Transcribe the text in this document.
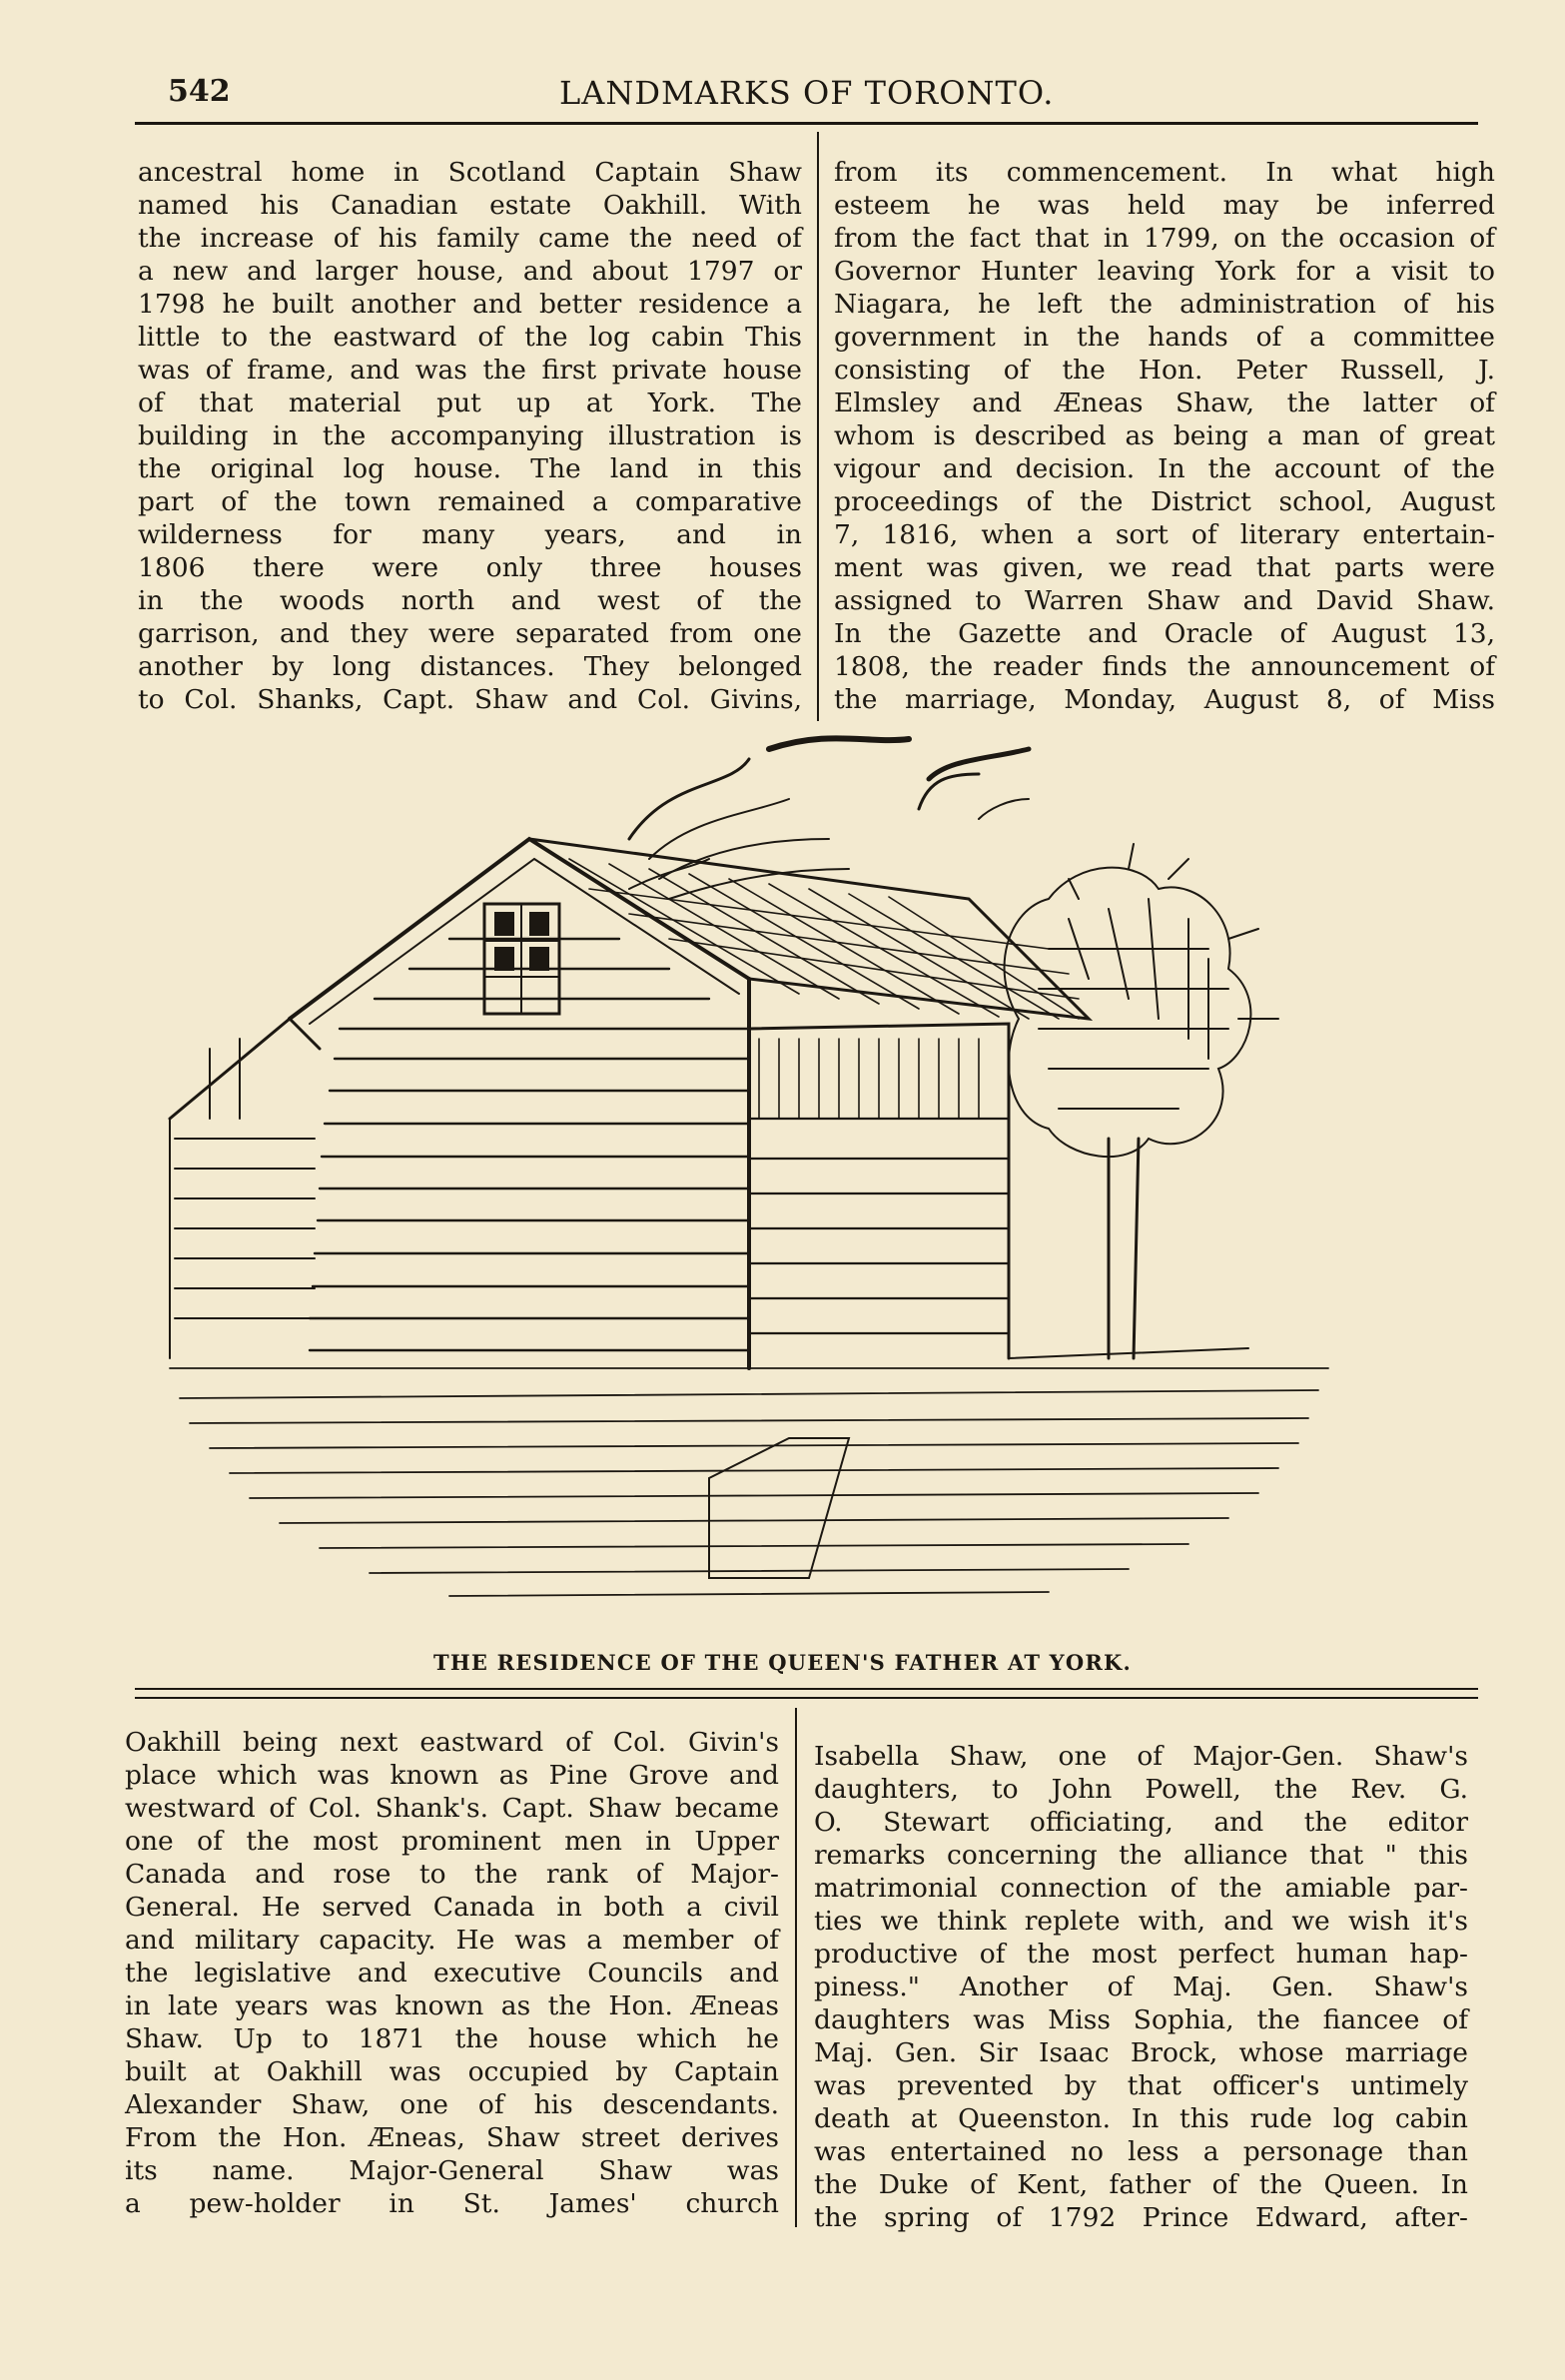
542	LANDMARKS OF TORONTO.
ancestral home in Scotland Captain Shaw
named his Canadian estate Oakhill. With
the increase of his family came the need of
a new and larger house, and about 1797 or
1798 he built another and better residence a
little to the eastward of the log cabin This
was of frame, and was the first private house
of that material put up at York. The
building in the accompanying illustration is
the original log house. The land in this
part of the town remained a comparative
wilderness for many years, and in
1806 there were only three houses
in the woods north and west of the
garrison, and they were separated from one
another by long distances. They belonged
to Col. Shanks, Capt. Shaw and Col. Givins,
from its commencement. In what high
esteem he was held may be inferred
from the fact that in 1799, on the occasion of
Governor Hunter leaving York for a visit to
Niagara, he left the administration of his
government in the hands of a committee
consisting of the Hon. Peter Russell, J.
Elmsley and Æneas Shaw, the latter of
whom is described as being a man of great
vigour and decision. In the account of the
proceedings of the District school, August
7, 1816, when a sort of literary entertain-
ment was given, we read that parts were
assigned to Warren Shaw and David Shaw.
In the Gazette and Oracle of August 13,
1808, the reader finds the announcement of
the marriage, Monday, August 8, of Miss
THE RESIDENCE OF THE QUEEN'S FATHER AT YORK.
Oakhill being next eastward of Col. Givin's
place which was known as Pine Grove and
westward of Col. Shank's. Capt. Shaw became
one of the most prominent men in Upper
Canada and rose to the rank of Major-
General. He served Canada in both a civil
and military capacity. He was a member of
the legislative and executive Councils and
in late years was known as the Hon. Æneas
Shaw. Up to 1871 the house which he
built at Oakhill was occupied by Captain
Alexander Shaw, one of his descendants.
From the Hon. Æneas, Shaw street derives
its name. Major-General Shaw was
a pew-holder in St. James' church
Isabella Shaw, one of Major-Gen. Shaw's
daughters, to John Powell, the Rev. G.
O. Stewart officiating, and the editor
remarks concerning the alliance that " this
matrimonial connection of the amiable par-
ties we think replete with, and we wish it's
productive of the most perfect human hap-
piness." Another of Maj. Gen. Shaw's
daughters was Miss Sophia, the fiancee of
Maj. Gen. Sir Isaac Brock, whose marriage
was prevented by that officer's untimely
death at Queenston. In this rude log cabin
was entertained no less a personage than
the Duke of Kent, father of the Queen. In
the spring of 1792 Prince Edward, after-
